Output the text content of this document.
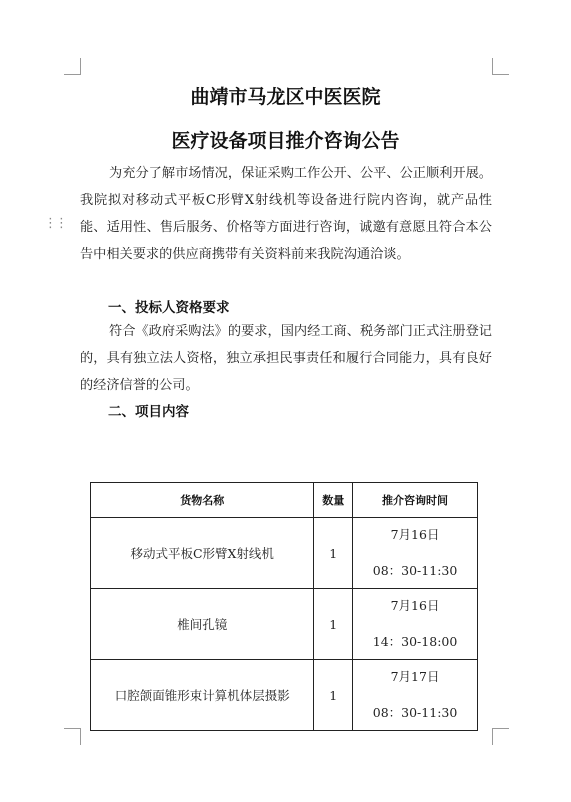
⋮⋮
曲靖市马龙区中医医院
医疗设备项目推介咨询公告

为充分了解市场情况，保证采购工作公开、公平、公正顺利开展。我院拟对移动式平板C形臂X射线机等设备进行院内咨询，就产品性能、适用性、售后服务、价格等方面进行咨询，诚邀有意愿且符合本公告中相关要求的供应商携带有关资料前来我院沟通洽谈。

一、投标人资格要求

符合《政府采购法》的要求，国内经工商、税务部门正式注册登记的，具有独立法人资格，独立承担民事责任和履行合同能力，具有良好的经济信誉的公司。

二、项目内容
货物名称	数量	推介咨询时间
移动式平板C形臂X射线机	1	7月16日
08：30-11:30

椎间孔镜	1	7月16日
14：30-18:00

口腔颌面锥形束计算机体层摄影	1	7月17日
08：30-11:30
